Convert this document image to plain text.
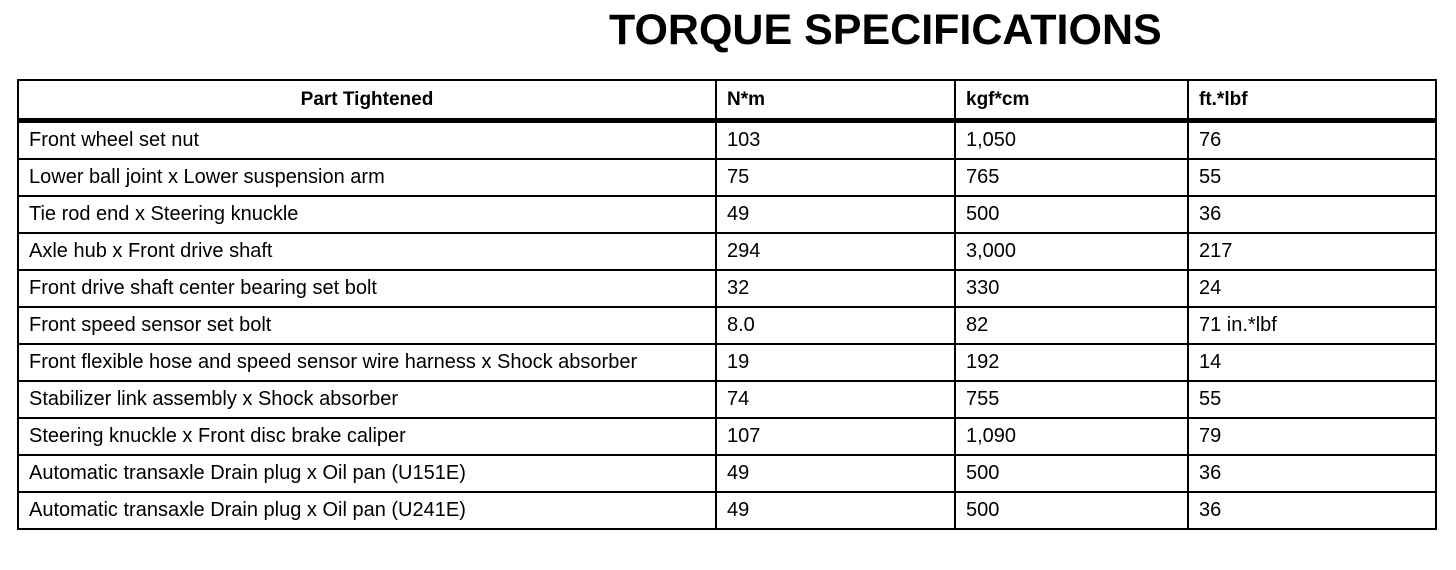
TORQUE SPECIFICATIONS
Part Tightened	N*m	kgf*cm	ft.*lbf
Front wheel set nut	103	1,050	76
Lower ball joint x Lower suspension arm	75	765	55
Tie rod end x Steering knuckle	49	500	36
Axle hub x Front drive shaft	294	3,000	217
Front drive shaft center bearing set bolt	32	330	24
Front speed sensor set bolt	8.0	82	71 in.*lbf
Front flexible hose and speed sensor wire harness x Shock absorber	19	192	14
Stabilizer link assembly x Shock absorber	74	755	55
Steering knuckle x Front disc brake caliper	107	1,090	79
Automatic transaxle Drain plug x Oil pan (U151E)	49	500	36
Automatic transaxle Drain plug x Oil pan (U241E)	49	500	36
